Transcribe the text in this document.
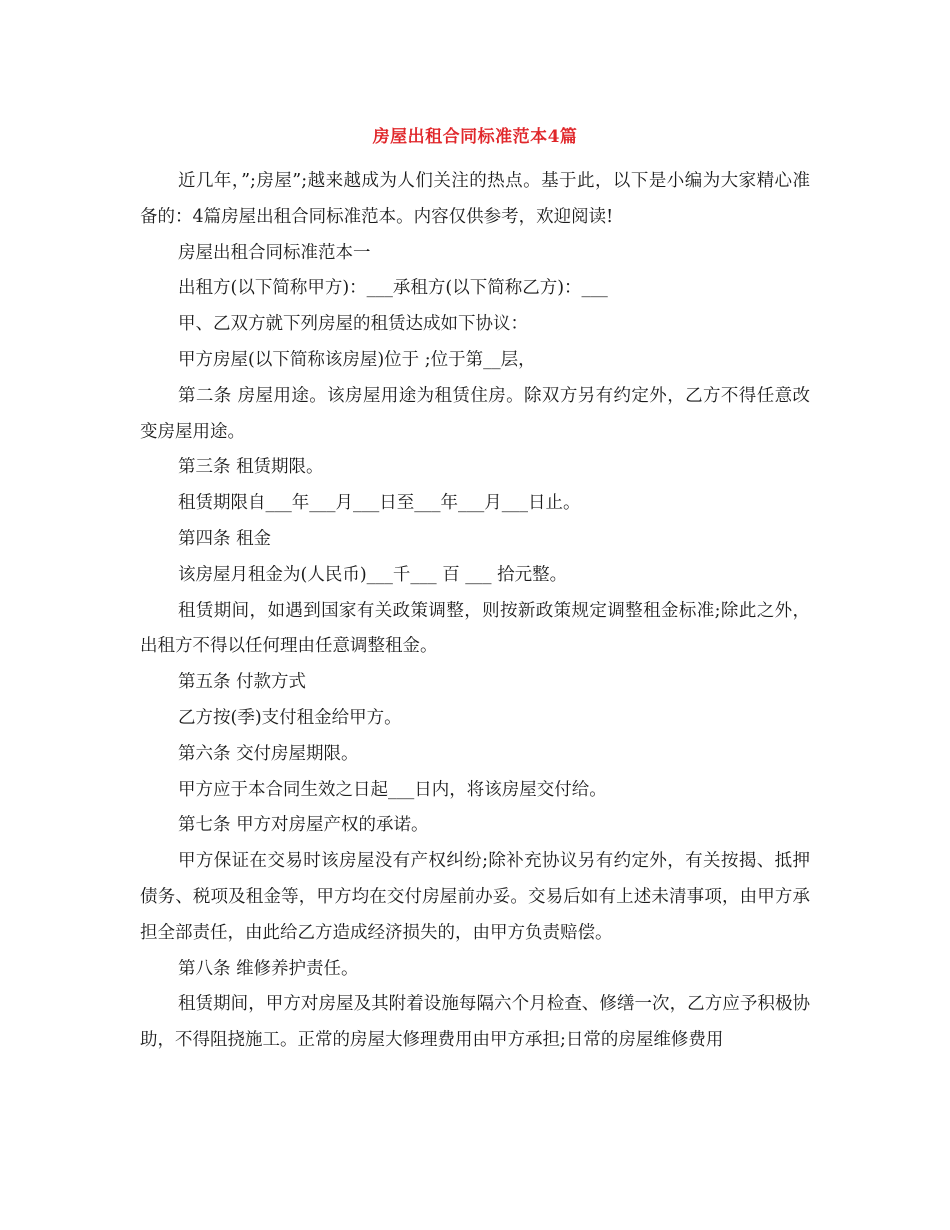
房屋出租合同标准范本4篇

近几年，”;房屋”;越来越成为人们关注的热点。基于此，以下是小编为大家精心准备的：4篇房屋出租合同标准范本。内容仅供参考，欢迎阅读!

房屋出租合同标准范本一

出租方(以下简称甲方)：___承租方(以下简称乙方)：___

甲、乙双方就下列房屋的租赁达成如下协议：

甲方房屋(以下简称该房屋)位于 ;位于第__层，

第二条 房屋用途。该房屋用途为租赁住房。除双方另有约定外，乙方不得任意改变房屋用途。

第三条 租赁期限。

租赁期限自___年___月___日至___年___月___日止。

第四条 租金

该房屋月租金为(人民币)___千___ 百 ___ 拾元整。

租赁期间，如遇到国家有关政策调整，则按新政策规定调整租金标准;除此之外，出租方不得以任何理由任意调整租金。

第五条 付款方式

乙方按(季)支付租金给甲方。

第六条 交付房屋期限。

甲方应于本合同生效之日起___日内，将该房屋交付给。

第七条 甲方对房屋产权的承诺。

甲方保证在交易时该房屋没有产权纠纷;除补充协议另有约定外，有关按揭、抵押债务、税项及租金等，甲方均在交付房屋前办妥。交易后如有上述未清事项，由甲方承担全部责任，由此给乙方造成经济损失的，由甲方负责赔偿。

第八条 维修养护责任。

租赁期间，甲方对房屋及其附着设施每隔六个月检查、修缮一次，乙方应予积极协助，不得阻挠施工。正常的房屋大修理费用由甲方承担;日常的房屋维修费用
